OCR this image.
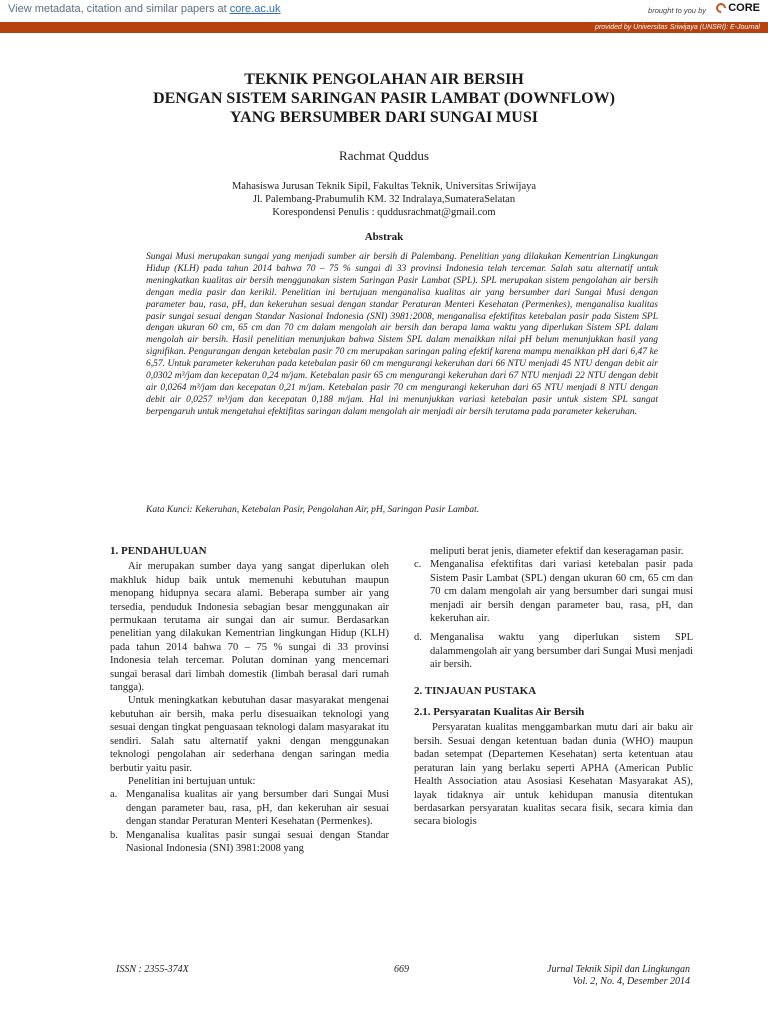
View metadata, citation and similar papers at core.ac.uk	brought to you by CORE
provided by Universitas Sriwijaya (UNSRI): E-Journal
TEKNIK PENGOLAHAN AIR BERSIH
DENGAN SISTEM SARINGAN PASIR LAMBAT (DOWNFLOW)
YANG BERSUMBER DARI SUNGAI MUSI
Rachmat Quddus
Mahasiswa Jurusan Teknik Sipil, Fakultas Teknik, Universitas Sriwijaya
Jl. Palembang-Prabumulih KM. 32 Indralaya,SumateraSelatan
Korespondensi Penulis : quddusrachmat@gmail.com
Abstrak
Sungai Musi merupakan sungai yang menjadi sumber air bersih di Palembang. Penelitian yang dilakukan Kementrian Lingkungan Hidup (KLH) pada tahun 2014 bahwa 70 – 75 % sungai di 33 provinsi Indonesia telah tercemar. Salah satu alternatif untuk meningkatkan kualitas air bersih menggunakan sistem Saringan Pasir Lambat (SPL). SPL merupakan sistem pengolahan air bersih dengan media pasir dan kerikil. Penelitian ini bertujuan menganalisa kualitas air yang bersumber dari Sungai Musi dengan parameter bau, rasa, pH, dan kekeruhan sesuai dengan standar Peraturan Menteri Kesehatan (Permenkes), menganalisa kualitas pasir sungai sesuai dengan Standar Nasional Indonesia (SNI) 3981:2008, menganalisa efektifitas ketebalan pasir pada Sistem SPL dengan ukuran 60 cm, 65 cm dan 70 cm dalam mengolah air bersih dan berapa lama waktu yang diperlukan Sistem SPL dalam mengolah air bersih. Hasil penelitian menunjukan bahwa Sistem SPL dalam menaikkan nilai pH belum menunjukkan hasil yang signifikan. Pengurangan dengan ketebalan pasir 70 cm merupakan saringan paling efektif karena mampu menaikkan pH dari 6,47 ke 6,57. Untuk parameter kekeruhan pada ketebalan pasir 60 cm mengurangi kekeruhan dari 66 NTU menjadi 45 NTU dengan debit air 0,0302 m³/jam dan kecepatan 0,24 m/jam. Ketebalan pasir 65 cm mengurangi kekeruhan dari 67 NTU menjadi 22 NTU dengan debit air 0,0264 m³/jam dan kecepatan 0,21 m/jam. Ketebalan pasir 70 cm mengurangi kekeruhan dari 65 NTU menjadi 8 NTU dengan debit air 0,0257 m³/jam dan kecepatan 0,188 m/jam. Hal ini menunjukkan variasi ketebalan pasir untuk sistem SPL sangat berpengaruh untuk mengetahui efektifitas saringan dalam mengolah air menjadi air bersih terutama pada parameter kekeruhan.
Kata Kunci: Kekeruhan, Ketebalan Pasir, Pengolahan Air, pH, Saringan Pasir Lambat.
1. PENDAHULUAN
Air merupakan sumber daya yang sangat diperlukan oleh makhluk hidup baik untuk memenuhi kebutuhan maupun menopang hidupnya secara alami. Beberapa sumber air yang tersedia, penduduk Indonesia sebagian besar menggunakan air permukaan terutama air sungai dan air sumur. Berdasarkan penelitian yang dilakukan Kementrian lingkungan Hidup (KLH) pada tahun 2014 bahwa 70 – 75 % sungai di 33 provinsi Indonesia telah tercemar. Polutan dominan yang mencemari sungai berasal dari limbah domestik (limbah berasal dari rumah tangga).
Untuk meningkatkan kebutuhan dasar masyarakat mengenai kebutuhan air bersih, maka perlu disesuaikan teknologi yang sesuai dengan tingkat penguasaan teknologi dalam masyarakat itu sendiri. Salah satu alternatif yakni dengan menggunakan teknologi pengolahan air sederhana dengan saringan media berbutir yaitu pasir.
Penelitian ini bertujuan untuk:
a. Menganalisa kualitas air yang bersumber dari Sungai Musi dengan parameter bau, rasa, pH, dan kekeruhan air sesuai dengan standar Peraturan Menteri Kesehatan (Permenkes).
b. Menganalisa kualitas pasir sungai sesuai dengan Standar Nasional Indonesia (SNI) 3981:2008 yang
meliputi berat jenis, diameter efektif dan keseragaman pasir.
c. Menganalisa efektifitas dari variasi ketebalan pasir pada Sistem Pasir Lambat (SPL) dengan ukuran 60 cm, 65 cm dan 70 cm dalam mengolah air yang bersumber dari sungai musi menjadi air bersih dengan parameter bau, rasa, pH, dan kekeruhan air.
d. Menganalisa waktu yang diperlukan sistem SPL dalammengolah air yang bersumber dari Sungai Musi menjadi air bersih.
2. TINJAUAN PUSTAKA
2.1. Persyaratan Kualitas Air Bersih
Persyaratan kualitas menggambarkan mutu dari air baku air bersih. Sesuai dengan ketentuan badan dunia (WHO) maupun badan setempat (Departemen Kesehatan) serta ketentuan atau peraturan lain yang berlaku seperti APHA (American Public Health Association atau Asosiasi Kesehatan Masyarakat AS), layak tidaknya air untuk kehidupan manusia ditentukan berdasarkan persyaratan kualitas secara fisik, secara kimia dan secara biologis
ISSN : 2355-374X	669	Jurnal Teknik Sipil dan Lingkungan
Vol. 2, No. 4, Desember 2014
